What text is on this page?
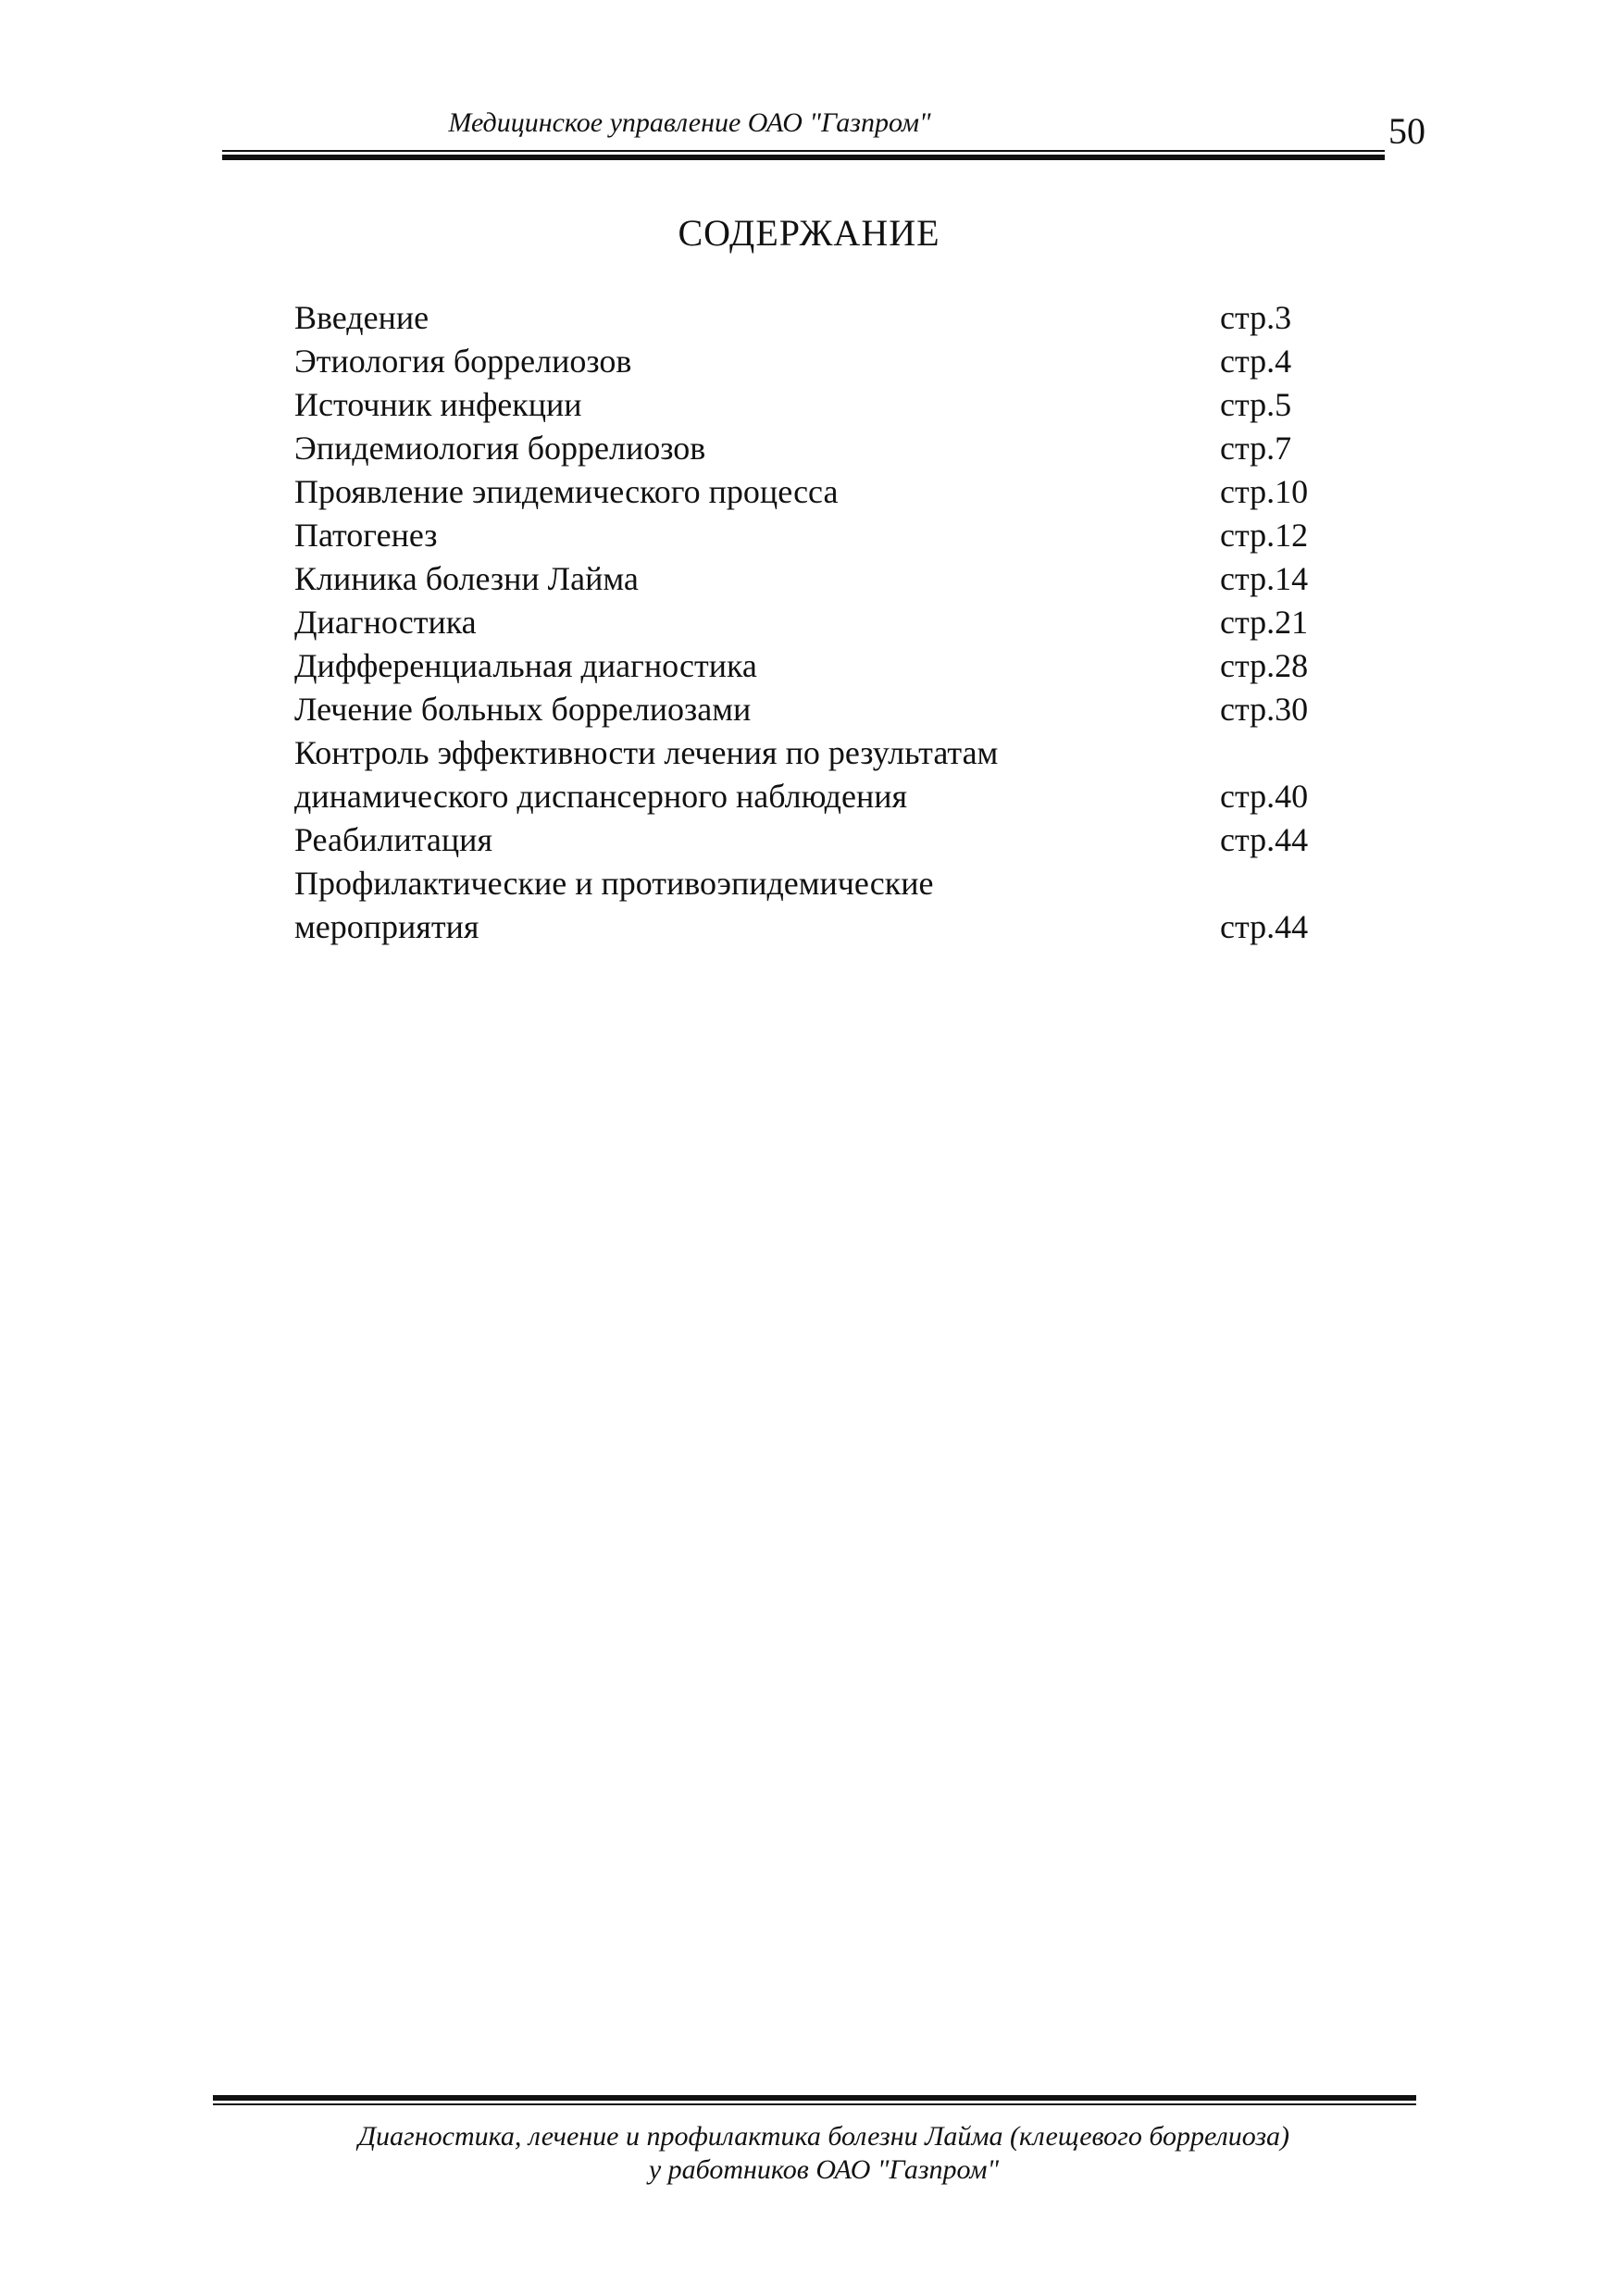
Медицинское управление ОАО "Газпром"	50
СОДЕРЖАНИЕ
Введение	стр.3
Этиология боррелиозов	стр.4
Источник инфекции	стр.5
Эпидемиология боррелиозов	стр.7
Проявление эпидемического процесса	стр.10
Патогенез	стр.12
Клиника болезни Лайма	стр.14
Диагностика	стр.21
Дифференциальная диагностика	стр.28
Лечение больных боррелиозами	стр.30
Контроль эффективности лечения по результатам
динамического диспансерного наблюдения	стр.40
Реабилитация	стр.44
Профилактические и противоэпидемические
мероприятия	стр.44
Диагностика, лечение и профилактика болезни Лайма (клещевого боррелиоза)
у работников ОАО "Газпром"
